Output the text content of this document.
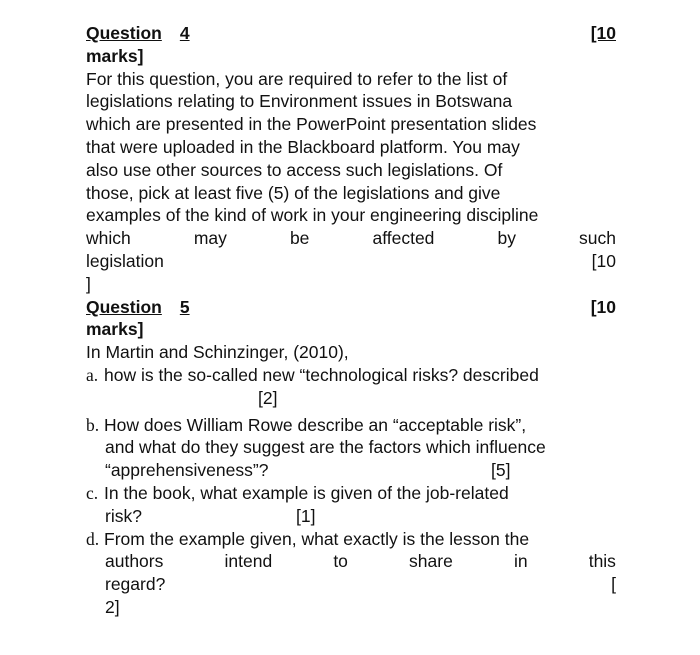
Question 4	[10
marks]
For this question, you are required to refer to the list of
legislations relating to Environment issues in Botswana
which are presented in the PowerPoint presentation slides
that were uploaded in the Blackboard platform. You may
also use other sources to access such legislations. Of
those, pick at least five (5) of the legislations and give
examples of the kind of work in your engineering discipline
which	may	be	affected	by	such
legislation	[10
]
Question 5	[10
marks]
In Martin and Schinzinger, (2010),
a. how is the so-called new “technological risks? described
[2]
b. How does William Rowe describe an “acceptable risk”,
and what do they suggest are the factors which influence
“apprehensiveness”?	[5]
c. In the book, what example is given of the job-related
risk?	[1]
d. From the example given, what exactly is the lesson the
authors	intend	to	share	in	this
regard?	[
2]
